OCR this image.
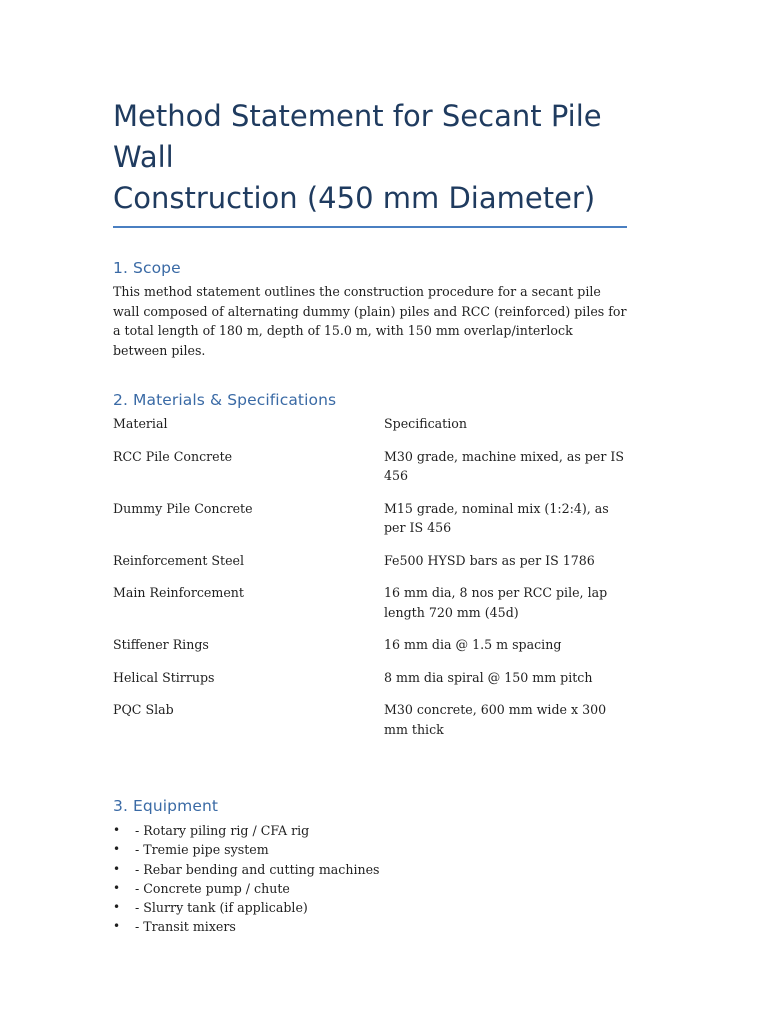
Method Statement for Secant Pile Wall
Construction (450 mm Diameter)
1. Scope

This method statement outlines the construction procedure for a secant pile wall composed of alternating dummy (plain) piles and RCC (reinforced) piles for a total length of 180 m, depth of 15.0 m, with 150 mm overlap/interlock between piles.

2. Materials & Specifications
Material	Specification
RCC Pile Concrete	M30 grade, machine mixed, as per IS 456
Dummy Pile Concrete	M15 grade, nominal mix (1:2:4), as per IS 456
Reinforcement Steel	Fe500 HYSD bars as per IS 1786
Main Reinforcement	16 mm dia, 8 nos per RCC pile, lap length 720 mm (45d)
Stiffener Rings	16 mm dia @ 1.5 m spacing
Helical Stirrups	8 mm dia spiral @ 150 mm pitch
PQC Slab	M30 concrete, 600 mm wide x 300 mm thick
3. Equipment
• - Rotary piling rig / CFA rig
• - Tremie pipe system
• - Rebar bending and cutting machines
• - Concrete pump / chute
• - Slurry tank (if applicable)
• - Transit mixers
